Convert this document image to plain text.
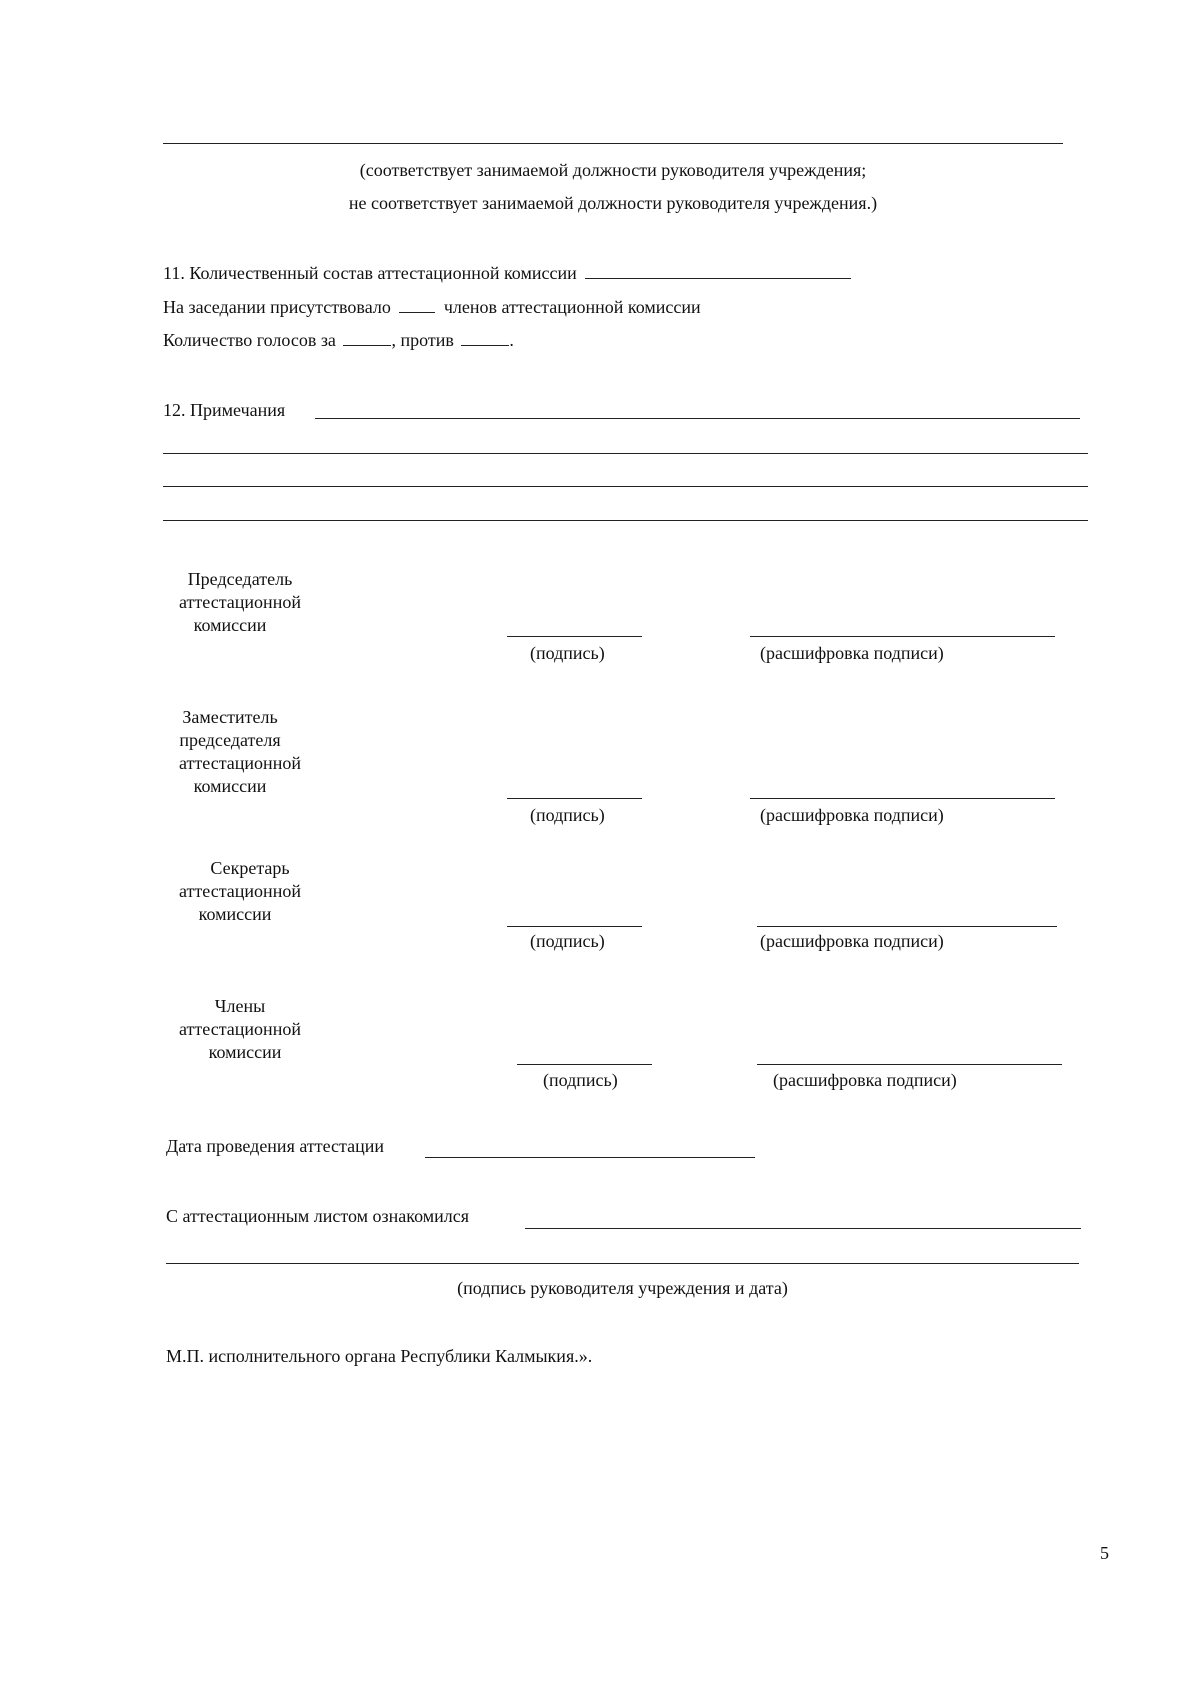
(соответствует занимаемой должности руководителя учреждения;
не соответствует занимаемой должности руководителя учреждения.)
11. Количественный состав аттестационной комиссии
На заседании присутствовало	членов аттестационной комиссии
Количество голосов за	, против	.
12. Примечания
Председатель
аттестационной
комиссии
(подпись)	(расшифровка подписи)
Заместитель
председателя
аттестационной
комиссии
(подпись)	(расшифровка подписи)
Секретарь
аттестационной
комиссии
(подпись)	(расшифровка подписи)
Члены
аттестационной
комиссии
(подпись)	(расшифровка подписи)
Дата проведения аттестации
С аттестационным листом ознакомился
(подпись руководителя учреждения и дата)
М.П. исполнительного органа Республики Калмыкия.».
5
